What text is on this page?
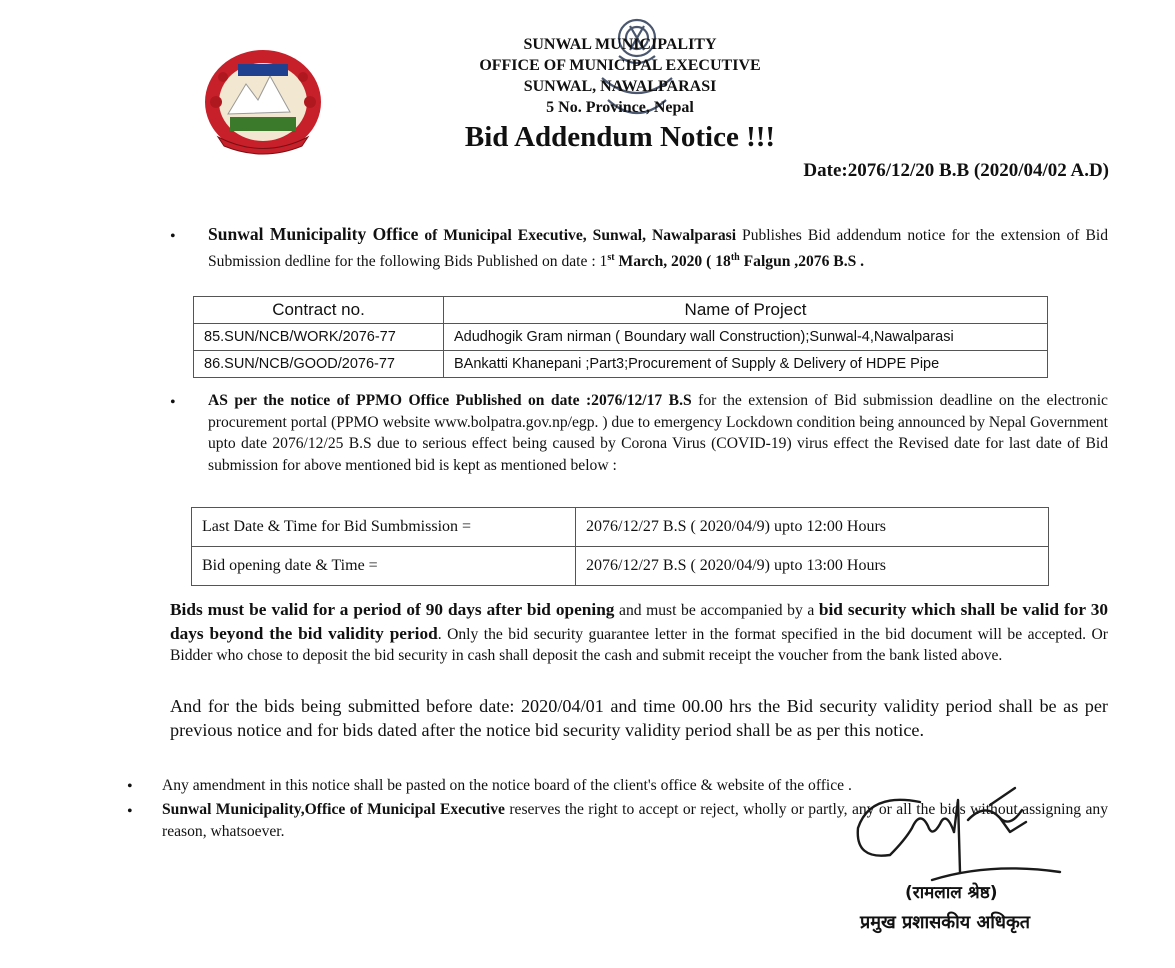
SUNWAL MUNICIPALITY
OFFICE OF MUNICIPAL EXECUTIVE
SUNWAL, NAWALPARASI
5 No. Province, Nepal
Bid Addendum Notice !!!
Date:2076/12/20 B.B (2020/04/02 A.D)
• Sunwal Municipality Office of Municipal Executive, Sunwal, Nawalparasi Publishes Bid addendum notice for the extension of Bid Submission dedline for the following Bids Published on date : 1st March, 2020 ( 18th Falgun ,2076 B.S .
Contract no.	Name of Project
85.SUN/NCB/WORK/2076-77	Adudhogik Gram nirman ( Boundary wall Construction);Sunwal-4,Nawalparasi
86.SUN/NCB/GOOD/2076-77	BAnkatti Khanepani ;Part3;Procurement of Supply & Delivery of HDPE Pipe
• AS per the notice of PPMO Office Published on date :2076/12/17 B.S for the extension of Bid submission deadline on the electronic procurement portal (PPMO website www.bolpatra.gov.np/egp. ) due to emergency Lockdown condition being announced by Nepal Government upto date 2076/12/25 B.S due to serious effect being caused by Corona Virus (COVID-19) virus effect the Revised date for last date of Bid submission for above mentioned bid is kept as mentioned below :
Last Date & Time for Bid Sumbmission =	2076/12/27 B.S ( 2020/04/9) upto 12:00 Hours
Bid opening date & Time =	2076/12/27 B.S ( 2020/04/9) upto 13:00 Hours
Bids must be valid for a period of 90 days after bid opening and must be accompanied by a bid security which shall be valid for 30 days beyond the bid validity period. Only the bid security guarantee letter in the format specified in the bid document will be accepted. Or Bidder who chose to deposit the bid security in cash shall deposit the cash and submit receipt the voucher from the bank listed above.
And for the bids being submitted before date: 2020/04/01 and time 00.00 hrs the Bid security validity period shall be as per previous notice and for bids dated after the notice bid security validity period shall be as per this notice.
• Any amendment in this notice shall be pasted on the notice board of the client's office & website of the office .
• Sunwal Municipality,Office of Municipal Executive reserves the right to accept or reject, wholly or partly, any or all the bids without assigning any reason, whatsoever.
(रामलाल श्रेष्ठ)
प्रमुख प्रशासकीय अधिकृत
